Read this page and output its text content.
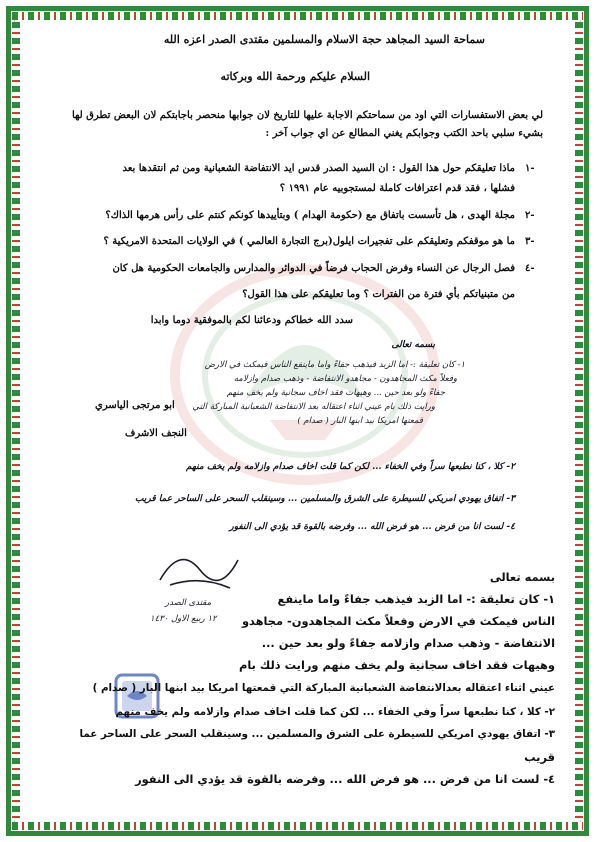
سماحة السيد المجاهد حجة الاسلام والمسلمين مقتدى الصدر اعزه الله
السلام عليكم ورحمة الله وبركاته
لي بعض الاستفسارات التي اود من سماحتكم الاجابة عليها للتاريخ لان جوابها منحصر باجابتكم لان البعض تطرق لها
بشيء سلبي باحد الكتب وجوابكم يغني المطالع عن اي جواب آخر :
١-
ماذا تعليقكم حول هذا القول : ان السيد الصدر قدس ايد الانتفاضة الشعبانية ومن ثم انتقدها بعد
فشلها ، فقد قدم اعترافات كاملة لمستجوبيه عام ١٩٩١ ؟
٢-
مجلة الهدى ، هل تأسست باتفاق مع (حكومة الهدام ) وبتأييدها كونكم كنتم على رأس هرمها الذاك؟
٣-
ما هو موقفكم وتعليقكم على تفجيرات ايلول(برج التجارة العالمي ) في الولايات المتحدة الامريكية ؟
٤-
فصل الرجال عن النساء وفرض الحجاب فرضاً في الدوائر والمدارس والجامعات الحكومية هل كان
من متبنياتكم بأي فترة من الفترات ؟ وما تعليقكم على هذا القول؟
سدد الله خطاكم ودعائنا لكم بالموفقية دوما وابدا
ابو مرتجى الياسري
النجف الاشرف
بسمه تعالى
١- كان تعليقة :- اما الزبد فيذهب جفاءً واما ماينفع الناس فيمكث في الارض
وفعلاً مكث المجاهدون - مجاهدو الانتفاضة - وذهب صدام وازلامه
جفاءً ولو بعد حين ... وهيهات فقد اخاف سجانية ولم يخف منهم
ورايت ذلك بام عيني اثناء اعتقاله بعد الانتفاضة الشعبانية المباركة التي
قمعتها امريكا بيد ابنها البار ( صدام )
٢- كلا ، كنا نطبعها سراً وفي الخفاء ... لكن كما قلت اخاف صدام وازلامه ولم يخف منهم
٣- اتفاق يهودي امريكي للسيطرة على الشرق والمسلمين ... وسينقلب السحر على الساحر عما قريب
٤- لست انا من فرض ... هو فرض الله ... وفرضه بالقوة قد يؤدي الى النفور
مقتدى الصدر
١٢ ربيع الاول ١٤٣٠
بسمه تعالى
١- كان تعليقة :- اما الزبد فيذهب جفاءً واما ماينفع
الناس فيمكث في الارض وفعلاً مكث المجاهدون- مجاهدو
الانتفاضة - وذهب صدام وازلامه جفاءً ولو بعد حين ...
وهيهات فقد اخاف سجانية ولم يخف منهم ورايت ذلك بام
عيني اثناء اعتقاله بعدالانتفاضة الشعبانية المباركة التي قمعتها امريكا بيد ابنها البار ( صدام )
٢- كلا ، كنا نطبعها سراً وفي الخفاء ... لكن كما قلت اخاف صدام وازلامه ولم يخف منهم
٣- اتفاق يهودي امريكي للسيطرة على الشرق والمسلمين ... وسينقلب السحر على الساحر عما
قريب
٤- لست انا من فرض ... هو فرض الله ... وفرضه بالقوة قد يؤدي الى النفور
